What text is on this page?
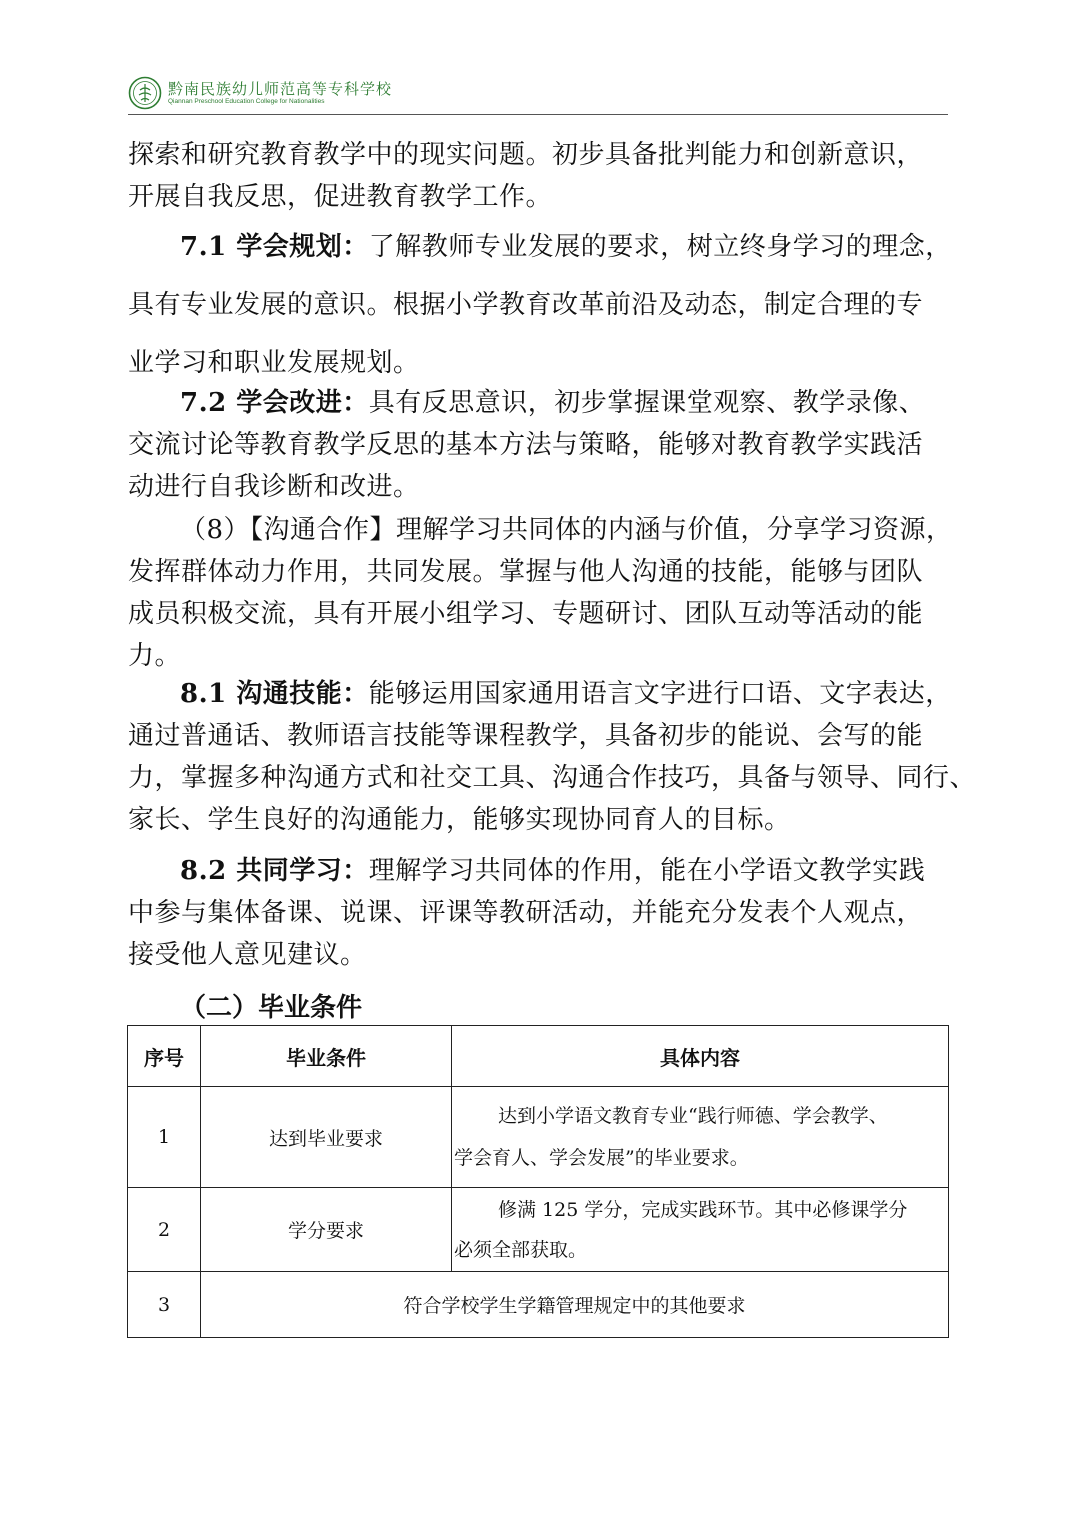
黔南民族幼儿师范高等专科学校
Qiannan Preschool Education College for Nationalities
探索和研究教育教学中的现实问题。初步具备批判能力和创新意识，
开展自我反思，促进教育教学工作。
7.1 学会规划：了解教师专业发展的要求，树立终身学习的理念，
具有专业发展的意识。根据小学教育改革前沿及动态，制定合理的专
业学习和职业发展规划。
7.2 学会改进：具有反思意识，初步掌握课堂观察、教学录像、
交流讨论等教育教学反思的基本方法与策略，能够对教育教学实践活
动进行自我诊断和改进。
（8）【沟通合作】理解学习共同体的内涵与价值，分享学习资源，
发挥群体动力作用，共同发展。掌握与他人沟通的技能，能够与团队
成员积极交流，具有开展小组学习、专题研讨、团队互动等活动的能
力。
8.1 沟通技能：能够运用国家通用语言文字进行口语、文字表达，
通过普通话、教师语言技能等课程教学，具备初步的能说、会写的能
力，掌握多种沟通方式和社交工具、沟通合作技巧，具备与领导、同行、
家长、学生良好的沟通能力，能够实现协同育人的目标。
8.2 共同学习：理解学习共同体的作用，能在小学语文教学实践
中参与集体备课、说课、评课等教研活动，并能充分发表个人观点，
接受他人意见建议。
（二）毕业条件
序号	毕业条件	具体内容
1	达到毕业要求	达到小学语文教育专业“践行师德、学会教学、
学会育人、学会发展”的毕业要求。

2	学分要求	修满 125 学分，完成实践环节。其中必修课学分
必须全部获取。

3	符合学校学生学籍管理规定中的其他要求	
